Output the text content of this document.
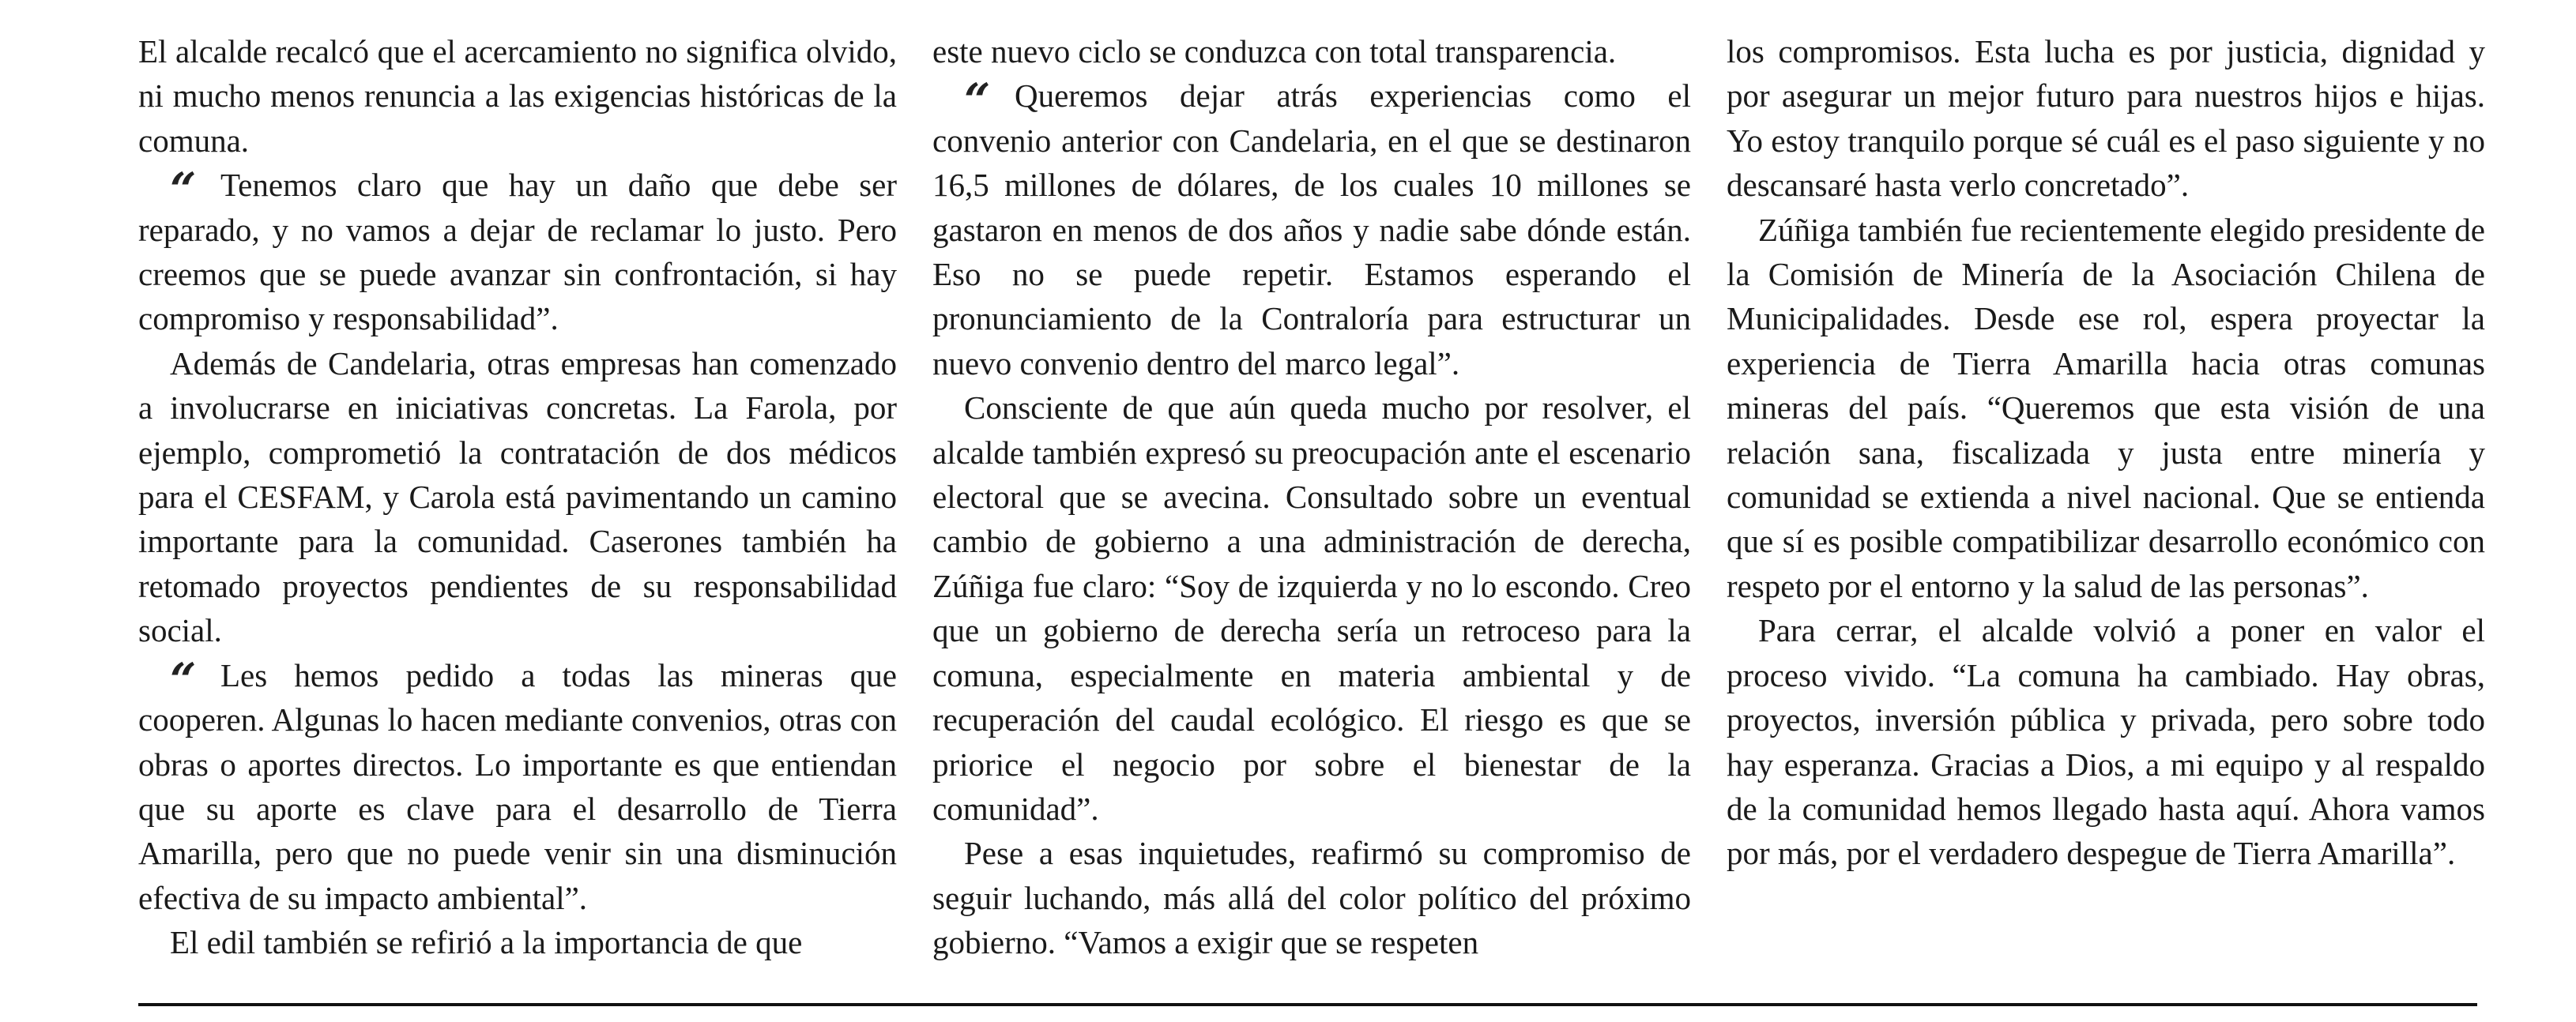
El alcalde recalcó que el acercamiento no significa olvido, ni mucho menos renuncia a las exigencias históricas de la comuna.

“ Tenemos claro que hay un daño que debe ser reparado, y no vamos a dejar de reclamar lo justo. Pero creemos que se puede avanzar sin confrontación, si hay compromiso y responsabilidad”.

Además de Candelaria, otras empresas han comenzado a involucrarse en iniciativas concretas. La Farola, por ejemplo, comprometió la contratación de dos médicos para el CESFAM, y Carola está pavimentando un camino importante para la comunidad. Caserones también ha retomado proyectos pendientes de su responsabilidad social.

“ Les hemos pedido a todas las mineras que cooperen. Algunas lo hacen mediante convenios, otras con obras o aportes directos. Lo importante es que entiendan que su aporte es clave para el desarrollo de Tierra Amarilla, pero que no puede venir sin una disminución efectiva de su impacto ambiental”.

El edil también se refirió a la importancia de que

este nuevo ciclo se conduzca con total transparencia.

“ Queremos dejar atrás experiencias como el convenio anterior con Candelaria, en el que se destinaron 16,5 millones de dólares, de los cuales 10 millones se gastaron en menos de dos años y nadie sabe dónde están. Eso no se puede repetir. Estamos esperando el pronunciamiento de la Contraloría para estructurar un nuevo convenio dentro del marco legal”.

Consciente de que aún queda mucho por resolver, el alcalde también expresó su preocupación ante el escenario electoral que se avecina. Consultado sobre un eventual cambio de gobierno a una administración de derecha, Zúñiga fue claro: “Soy de izquierda y no lo escondo. Creo que un gobierno de derecha sería un retroceso para la comuna, especialmente en materia ambiental y de recuperación del caudal ecológico. El riesgo es que se priorice el negocio por sobre el bienestar de la comunidad”.

Pese a esas inquietudes, reafirmó su compromiso de seguir luchando, más allá del color político del próximo gobierno. “Vamos a exigir que se respeten

los compromisos. Esta lucha es por justicia, dignidad y por asegurar un mejor futuro para nuestros hijos e hijas. Yo estoy tranquilo porque sé cuál es el paso siguiente y no descansaré hasta verlo concretado”.

Zúñiga también fue recientemente elegido presidente de la Comisión de Minería de la Asociación Chilena de Municipalidades. Desde ese rol, espera proyectar la experiencia de Tierra Amarilla hacia otras comunas mineras del país. “Queremos que esta visión de una relación sana, fiscalizada y justa entre minería y comunidad se extienda a nivel nacional. Que se entienda que sí es posible compatibilizar desarrollo económico con respeto por el entorno y la salud de las personas”.

Para cerrar, el alcalde volvió a poner en valor el proceso vivido. “La comuna ha cambiado. Hay obras, proyectos, inversión pública y privada, pero sobre todo hay esperanza. Gracias a Dios, a mi equipo y al respaldo de la comunidad hemos llegado hasta aquí. Ahora vamos por más, por el verdadero despegue de Tierra Amarilla”.
